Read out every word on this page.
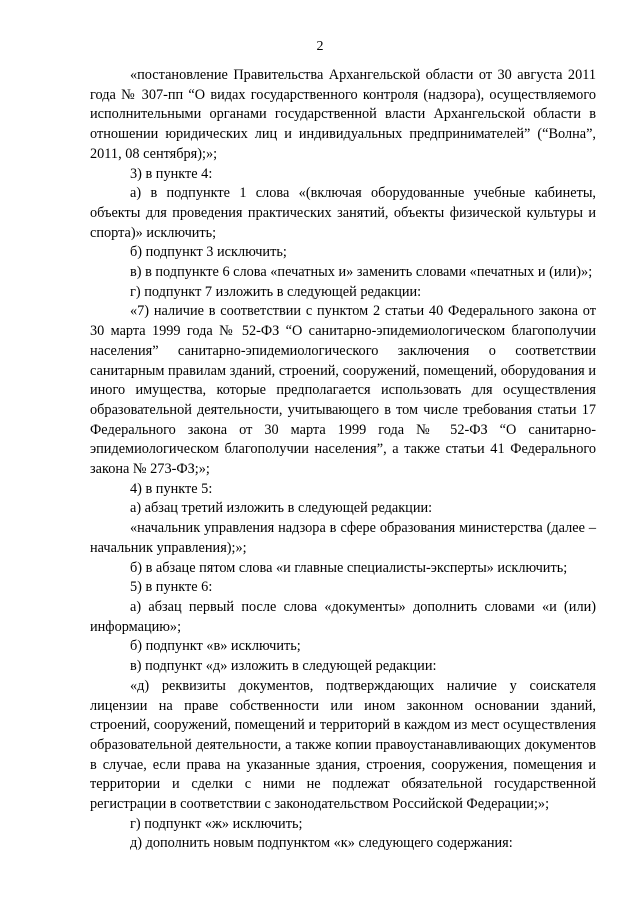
2

«постановление Правительства Архангельской области от 30 августа 2011 года № 307-пп “О видах государственного контроля (надзора), осуществляемого исполнительными органами государственной власти Архангельской области в отношении юридических лиц и индивидуальных предпринимателей” (“Волна”, 2011, 08 сентября);»;

3) в пункте 4:

а) в подпункте 1 слова «(включая оборудованные учебные кабинеты, объекты для проведения практических занятий, объекты физической культуры и спорта)» исключить;

б) подпункт 3 исключить;

в) в подпункте 6 слова «печатных и» заменить словами «печатных и (или)»;

г) подпункт 7 изложить в следующей редакции:

«7) наличие в соответствии с пунктом 2 статьи 40 Федерального закона от 30 марта 1999 года № 52-ФЗ “О санитарно-эпидемиологическом благополучии населения” санитарно-эпидемиологического заключения о соответствии санитарным правилам зданий, строений, сооружений, помещений, оборудования и иного имущества, которые предполагается использовать для осуществления образовательной деятельности, учитывающего в том числе требования статьи 17 Федерального закона от 30 марта 1999 года № 52-ФЗ “О санитарно-эпидемиологическом благополучии населения”, а также статьи 41 Федерального закона № 273-ФЗ;»;

4) в пункте 5:

а) абзац третий изложить в следующей редакции:

«начальник управления надзора в сфере образования министерства (далее – начальник управления);»;

б) в абзаце пятом слова «и главные специалисты-эксперты» исключить;

5) в пункте 6:

а) абзац первый после слова «документы» дополнить словами «и (или) информацию»;

б) подпункт «в» исключить;

в) подпункт «д» изложить в следующей редакции:

«д) реквизиты документов, подтверждающих наличие у соискателя лицензии на праве собственности или ином законном основании зданий, строений, сооружений, помещений и территорий в каждом из мест осуществления образовательной деятельности, а также копии правоустанавливающих документов в случае, если права на указанные здания, строения, сооружения, помещения и территории и сделки с ними не подлежат обязательной государственной регистрации в соответствии с законодательством Российской Федерации;»;

г) подпункт «ж» исключить;

д) дополнить новым подпунктом «к» следующего содержания:
